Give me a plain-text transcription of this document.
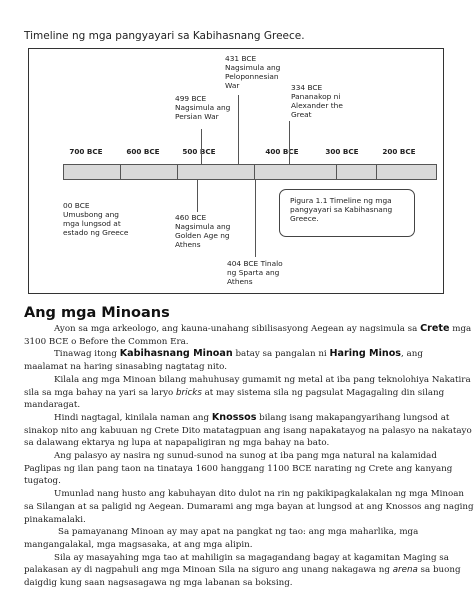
Timeline ng mga pangyayari sa Kabihasnang Greece.
700 BCE	600 BCE	500 BCE	400 BCE	300 BCE	200 BCE
499 BCE
Nagsimula ang
Persian War
431 BCE
Nagsimula ang
Peloponnesian
War	334 BCE
Pananakop ni
Alexander the
Great
00 BCE
Umusbong ang
mga lungsod at
estado ng Greece
460 BCE
Nagsimula ang
Golden Age ng
Athens
404 BCE Tinalo
ng Sparta ang
Athens
Pigura 1.1 Timeline ng mga
pangyayari sa Kabihasnang
Greece.
Ang mga Minoans
Ayon sa mga arkeologo, ang kauna-unahang sibilisasyong Aegean ay nagsimula sa Crete mga
3100 BCE o Before the Common Era.
Tinawag itong Kabihasnang Minoan batay sa pangalan ni Haring Minos, ang
maalamat na haring sinasabing nagtatag nito.
Kilala ang mga Minoan bilang mahuhusay gumamit ng metal at iba pang teknolohiya Nakatira
sila sa mga bahay na yari sa laryo bricks at may sistema sila ng pagsulat Magagaling din silang
mandaragat.
Hindi nagtagal, kinilala naman ang Knossos bilang isang makapangyarihang lungsod at
sinakop nito ang kabuuan ng Crete Dito matatagpuan ang isang napakatayog na palasyo na nakatayo
sa dalawang ektarya ng lupa at napapaligiran ng mga bahay na bato.
Ang palasyo ay nasira ng sunud-sunod na sunog at iba pang mga natural na kalamidad
Paglipas ng ilan pang taon na tinataya 1600 hanggang 1100 BCE narating ng Crete ang kanyang
tugatog.
Umunlad nang husto ang kabuhayan dito dulot na rin ng pakikipagkalakalan ng mga Minoan
sa Silangan at sa paligid ng Aegean. Dumarami ang mga bayan at lungsod at ang Knossos ang naging
pinakamalaki.
Sa pamayanang Minoan ay may apat na pangkat ng tao: ang mga maharlika, mga
mangangalakal, mga magsasaka, at ang mga alipin.
Sila ay masayahing mga tao at mahiligin sa magagandang bagay at kagamitan Maging sa
palakasan ay di nagpahuli ang mga Minoan Sila na siguro ang unang nakagawa ng arena sa buong
daigdig kung saan nagsasagawa ng mga labanan sa boksing.
